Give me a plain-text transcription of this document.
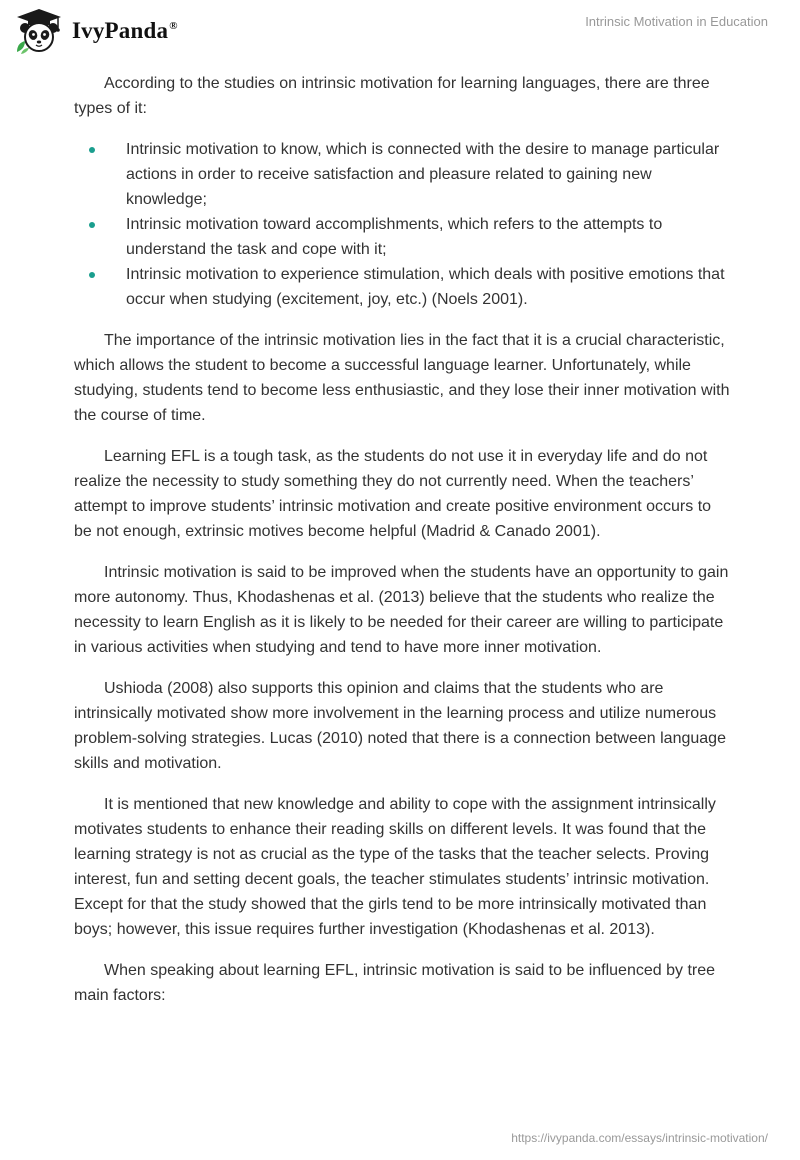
IvyPanda®	Intrinsic Motivation in Education

According to the studies on intrinsic motivation for learning languages, there are three types of it:

Intrinsic motivation to know, which is connected with the desire to manage particular actions in order to receive satisfaction and pleasure related to gaining new knowledge;
Intrinsic motivation toward accomplishments, which refers to the attempts to understand the task and cope with it;
Intrinsic motivation to experience stimulation, which deals with positive emotions that occur when studying (excitement, joy, etc.) (Noels 2001).

The importance of the intrinsic motivation lies in the fact that it is a crucial characteristic, which allows the student to become a successful language learner. Unfortunately, while studying, students tend to become less enthusiastic, and they lose their inner motivation with the course of time.

Learning EFL is a tough task, as the students do not use it in everyday life and do not realize the necessity to study something they do not currently need. When the teachers’ attempt to improve students’ intrinsic motivation and create positive environment occurs to be not enough, extrinsic motives become helpful (Madrid & Canado 2001).

Intrinsic motivation is said to be improved when the students have an opportunity to gain more autonomy. Thus, Khodashenas et al. (2013) believe that the students who realize the necessity to learn English as it is likely to be needed for their career are willing to participate in various activities when studying and tend to have more inner motivation.

Ushioda (2008) also supports this opinion and claims that the students who are intrinsically motivated show more involvement in the learning process and utilize numerous problem-solving strategies. Lucas (2010) noted that there is a connection between language skills and motivation.

It is mentioned that new knowledge and ability to cope with the assignment intrinsically motivates students to enhance their reading skills on different levels. It was found that the learning strategy is not as crucial as the type of the tasks that the teacher selects. Proving interest, fun and setting decent goals, the teacher stimulates students’ intrinsic motivation. Except for that the study showed that the girls tend to be more intrinsically motivated than boys; however, this issue requires further investigation (Khodashenas et al. 2013).

When speaking about learning EFL, intrinsic motivation is said to be influenced by tree main factors:

https://ivypanda.com/essays/intrinsic-motivation/
